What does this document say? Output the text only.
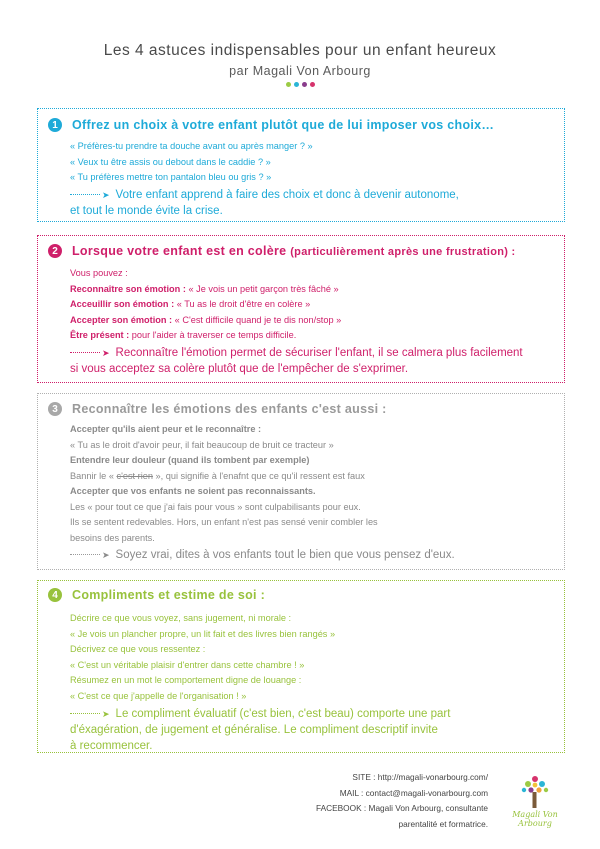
Les 4 astuces indispensables pour un enfant heureux
par Magali Von Arbourg
1	Offrez un choix à votre enfant plutôt que de lui imposer vos choix…
« Préfères-tu prendre ta douche avant ou après manger ? »
« Veux tu être assis ou debout dans le caddie ? »
« Tu préfères mettre ton pantalon bleu ou gris ? »
➤ Votre enfant apprend à faire des choix et donc à devenir autonome,
et tout le monde évite la crise.
2	Lorsque votre enfant est en colère (particulièrement après une frustration) :
Vous pouvez :
Reconnaître son émotion : « Je vois un petit garçon très fâché »
Acceuillir son émotion : « Tu as le droit d'être en colère »
Accepter son émotion : « C'est difficile quand je te dis non/stop »
Être présent : pour l'aider à traverser ce temps difficile.
➤ Reconnaître l'émotion permet de sécuriser l'enfant, il se calmera plus facilement
si vous acceptez sa colère plutôt que de l'empêcher de s'exprimer.
3	Reconnaître les émotions des enfants c'est aussi :
Accepter qu'ils aient peur et le reconnaître :
« Tu as le droit d'avoir peur, il fait beaucoup de bruit ce tracteur »
Entendre leur douleur (quand ils tombent par exemple)
Bannir le « c'est rien », qui signifie à l'enafnt que ce qu'il ressent est faux
Accepter que vos enfants ne soient pas reconnaissants.
Les « pour tout ce que j'ai fais pour vous » sont culpabilisants pour eux.
Ils se sentent redevables. Hors, un enfant n'est pas sensé venir combler les
besoins des parents.
➤ Soyez vrai, dites à vos enfants tout le bien que vous pensez d'eux.
4	Compliments et estime de soi :
Décrire ce que vous voyez, sans jugement, ni morale :
« Je vois un plancher propre, un lit fait et des livres bien rangés »
Décrivez ce que vous ressentez :
« C'est un véritable plaisir d'entrer dans cette chambre ! »
Résumez en un mot le comportement digne de louange :
« C'est ce que j'appelle de l'organisation ! »
➤ Le compliment évaluatif (c'est bien, c'est beau) comporte une part
d'éxagération, de jugement et généralise. Le compliment descriptif invite
à recommencer.
SITE : http://magali-vonarbourg.com/
MAIL : contact@magali-vonarbourg.com
FACEBOOK : Magali Von Arbourg, consultante
parentalité et formatrice.
Magali Von Arbourg
